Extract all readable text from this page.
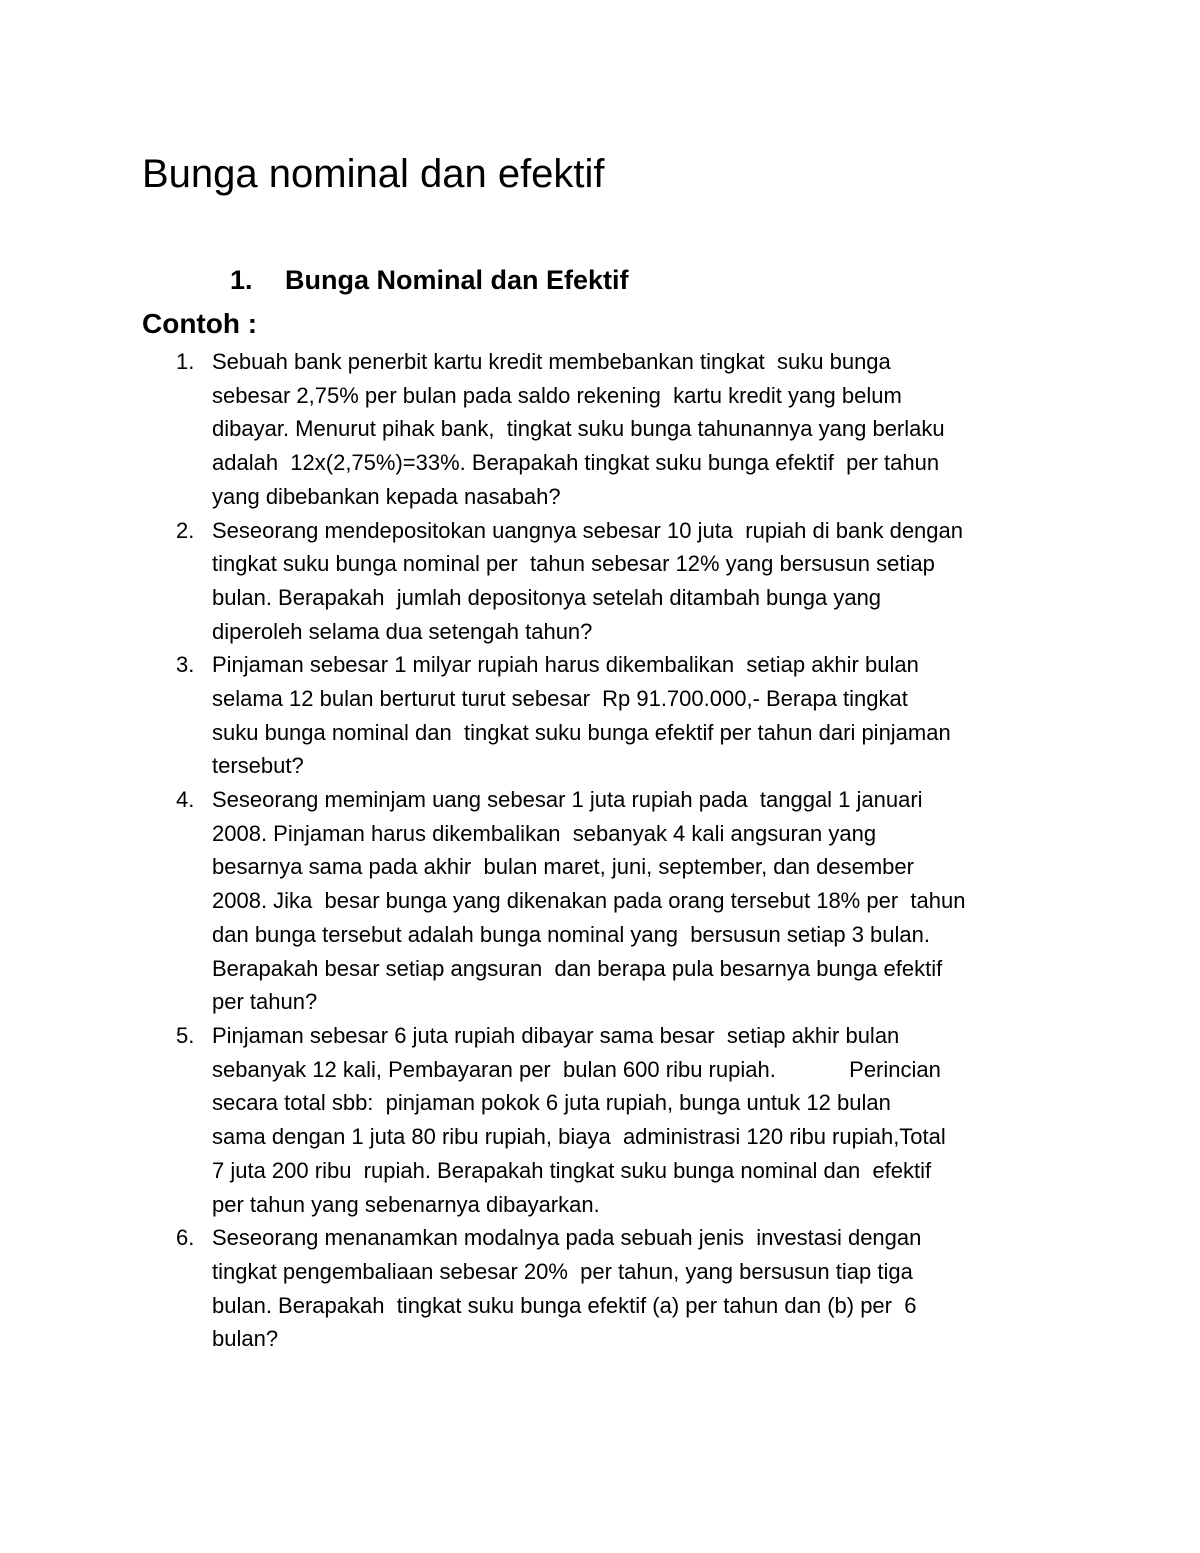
Bunga nominal dan efektif
1. Bunga Nominal dan Efektif
Contoh :
1. Sebuah bank penerbit kartu kredit membebankan tingkat  suku bunga
sebesar 2,75% per bulan pada saldo rekening  kartu kredit yang belum
dibayar. Menurut pihak bank,  tingkat suku bunga tahunannya yang berlaku
adalah  12x(2,75%)=33%. Berapakah tingkat suku bunga efektif  per tahun
yang dibebankan kepada nasabah?
2. Seseorang mendepositokan uangnya sebesar 10 juta  rupiah di bank dengan
tingkat suku bunga nominal per  tahun sebesar 12% yang bersusun setiap
bulan. Berapakah  jumlah depositonya setelah ditambah bunga yang
diperoleh selama dua setengah tahun?
3. Pinjaman sebesar 1 milyar rupiah harus dikembalikan  setiap akhir bulan
selama 12 bulan berturut turut sebesar  Rp 91.700.000,- Berapa tingkat
suku bunga nominal dan  tingkat suku bunga efektif per tahun dari pinjaman
tersebut?
4. Seseorang meminjam uang sebesar 1 juta rupiah pada  tanggal 1 januari
2008. Pinjaman harus dikembalikan  sebanyak 4 kali angsuran yang
besarnya sama pada akhir  bulan maret, juni, september, dan desember
2008. Jika  besar bunga yang dikenakan pada orang tersebut 18% per  tahun
dan bunga tersebut adalah bunga nominal yang  bersusun setiap 3 bulan.
Berapakah besar setiap angsuran  dan berapa pula besarnya bunga efektif
per tahun?
5. Pinjaman sebesar 6 juta rupiah dibayar sama besar  setiap akhir bulan
sebanyak 12 kali, Pembayaran per  bulan 600 ribu rupiah.            Perincian
secara total sbb:  pinjaman pokok 6 juta rupiah, bunga untuk 12 bulan
sama dengan 1 juta 80 ribu rupiah, biaya  administrasi 120 ribu rupiah,Total
7 juta 200 ribu  rupiah. Berapakah tingkat suku bunga nominal dan  efektif
per tahun yang sebenarnya dibayarkan.
6. Seseorang menanamkan modalnya pada sebuah jenis  investasi dengan
tingkat pengembaliaan sebesar 20%  per tahun, yang bersusun tiap tiga
bulan. Berapakah  tingkat suku bunga efektif (a) per tahun dan (b) per  6
bulan?
